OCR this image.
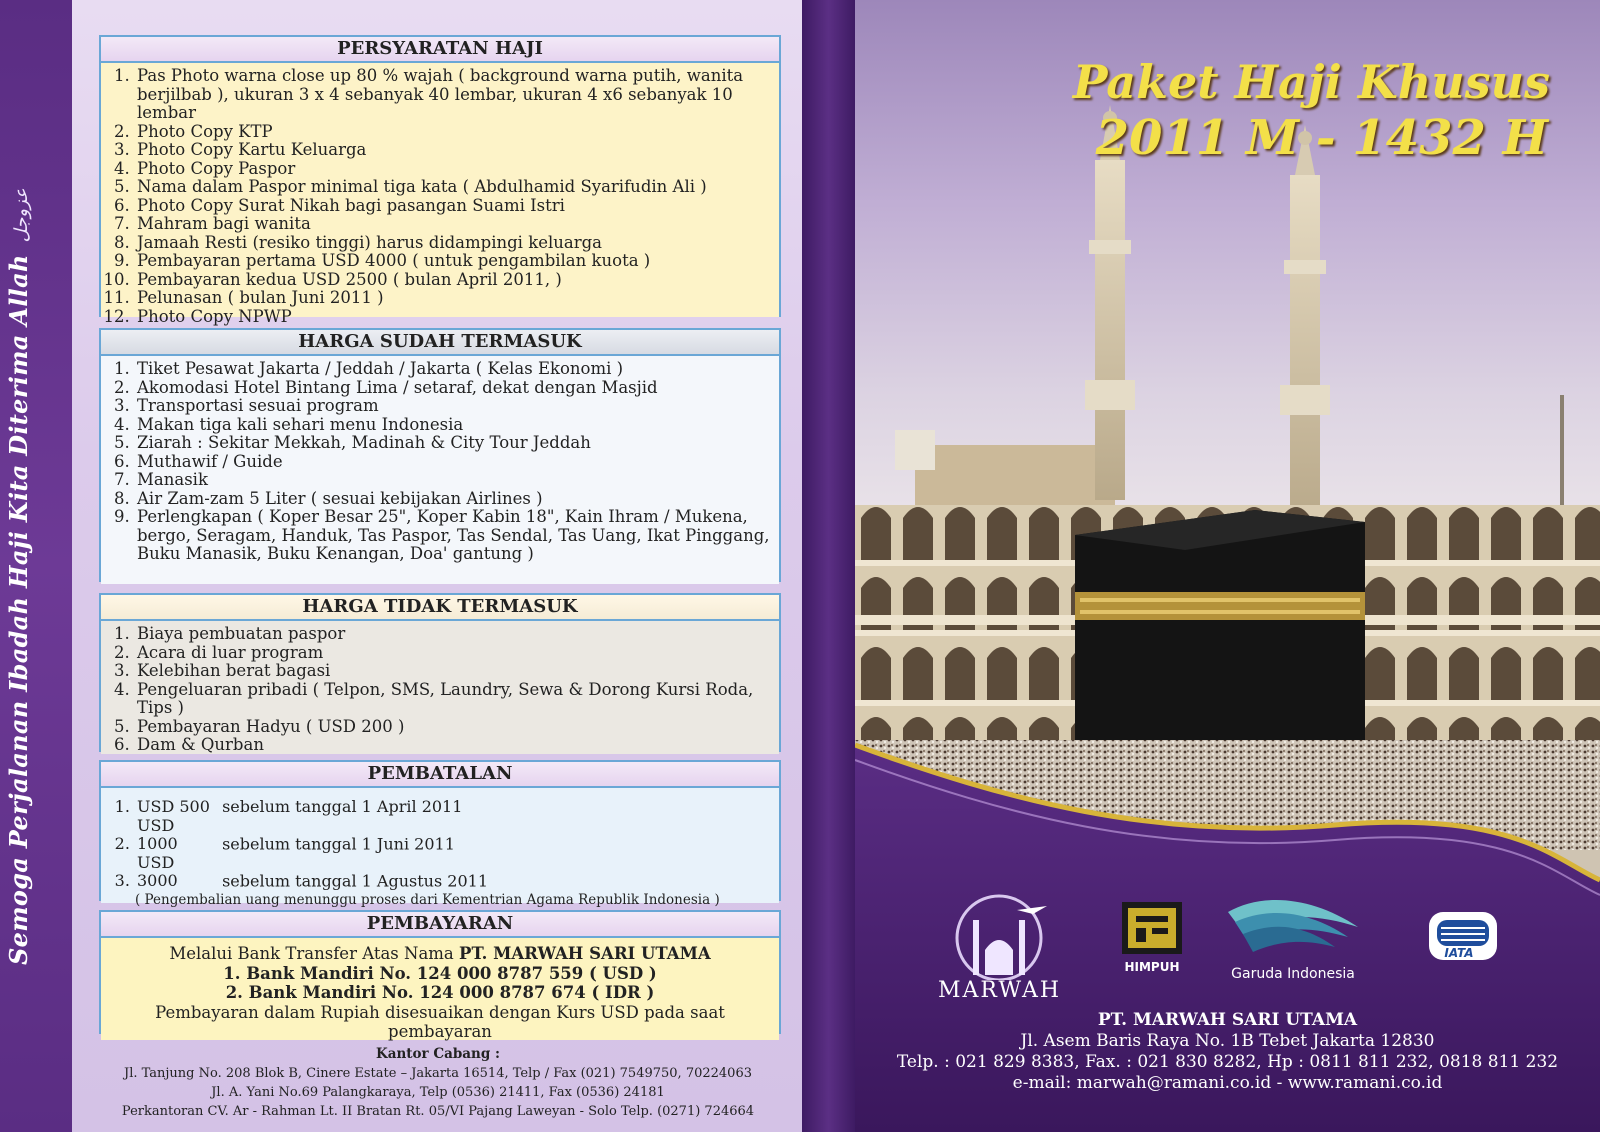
Semoga Perjalanan Ibadah Haji Kita Diterima Allahعزوجل
PERSYARATAN HAJI
1. Pas Photo warna close up 80 % wajah ( background warna putih, wanita berjilbab ), ukuran 3 x 4 sebanyak 40 lembar, ukuran 4 x6 sebanyak 10 lembar
2. Photo Copy KTP
3. Photo Copy Kartu Keluarga
4. Photo Copy Paspor
5. Nama dalam Paspor minimal tiga kata ( Abdulhamid Syarifudin Ali )
6. Photo Copy Surat Nikah bagi pasangan Suami Istri
7. Mahram bagi wanita
8. Jamaah Resti (resiko tinggi) harus didampingi keluarga
9. Pembayaran pertama USD 4000 ( untuk pengambilan kuota )
10. Pembayaran kedua USD 2500 ( bulan April 2011, )
11. Pelunasan ( bulan Juni 2011 )
12. Photo Copy NPWP
HARGA SUDAH TERMASUK
1. Tiket Pesawat Jakarta / Jeddah / Jakarta ( Kelas Ekonomi )
2. Akomodasi Hotel Bintang Lima / setaraf, dekat dengan Masjid
3. Transportasi sesuai program
4. Makan tiga kali sehari menu Indonesia
5. Ziarah : Sekitar Mekkah, Madinah & City Tour Jeddah
6. Muthawif / Guide
7. Manasik
8. Air Zam-zam 5 Liter ( sesuai kebijakan Airlines )
9. Perlengkapan ( Koper Besar 25", Koper Kabin 18", Kain Ihram / Mukena, bergo, Seragam, Handuk, Tas Paspor, Tas Sendal, Tas Uang, Ikat Pinggang, Buku Manasik, Buku Kenangan, Doa' gantung )
HARGA TIDAK TERMASUK
1. Biaya pembuatan paspor
2. Acara di luar program
3. Kelebihan berat bagasi
4. Pengeluaran pribadi ( Telpon, SMS, Laundry, Sewa & Dorong Kursi Roda, Tips )
5. Pembayaran Hadyu ( USD 200 )
6. Dam & Qurban
PEMBATALAN
1. USD 500 sebelum tanggal 1 April 2011
2. USD 1000	sebelum tanggal 1 Juni 2011
3. USD 3000	sebelum tanggal 1 Agustus 2011
( Pengembalian uang menunggu proses dari Kementrian Agama Republik Indonesia )
PEMBAYARAN
Melalui Bank Transfer Atas Nama PT. MARWAH SARI UTAMA
1. Bank Mandiri No. 124 000 8787 559 ( USD )
2. Bank Mandiri No. 124 000 8787 674 ( IDR )
Pembayaran dalam Rupiah disesuaikan dengan Kurs USD pada saat pembayaran
Kantor Cabang :
Jl. Tanjung No. 208 Blok B, Cinere Estate – Jakarta 16514, Telp / Fax (021) 7549750, 70224063
Jl. A. Yani No.69 Palangkaraya, Telp (0536) 21411, Fax (0536) 24181
Perkantoran CV. Ar - Rahman Lt. II Bratan Rt. 05/VI Pajang Laweyan - Solo Telp. (0271) 724664
Paket Haji Khusus
2011 M - 1432 H
MARWAH
HIMPUH	Garuda Indonesia
IATA
PT. MARWAH SARI UTAMA
Jl. Asem Baris Raya No. 1B Tebet Jakarta 12830
Telp. : 021 829 8383, Fax. : 021 830 8282, Hp : 0811 811 232, 0818 811 232
e-mail: marwah@ramani.co.id - www.ramani.co.id
